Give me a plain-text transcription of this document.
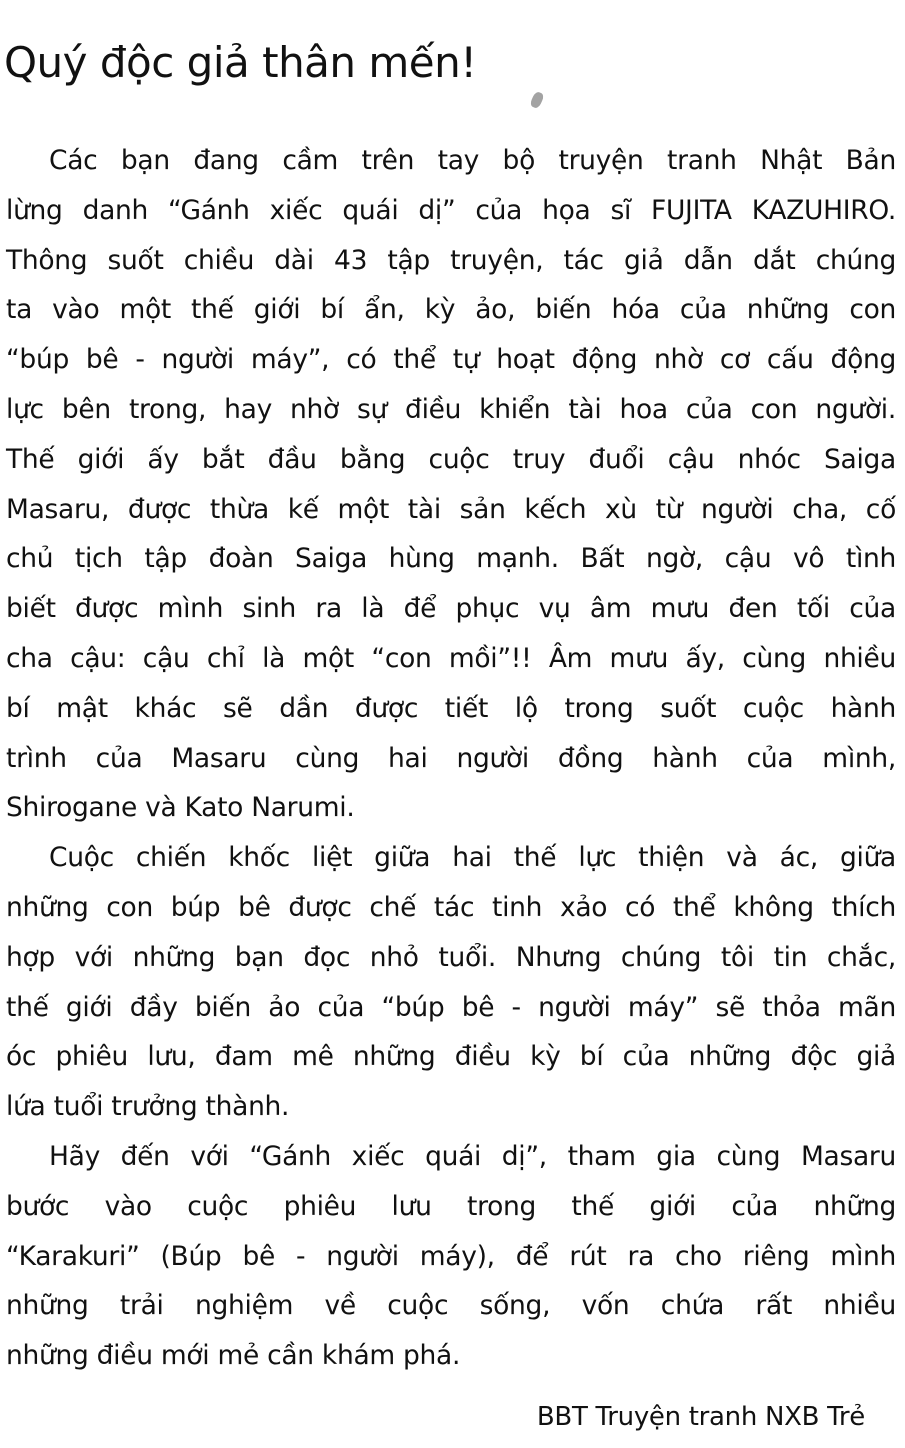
Quý độc giả thân mến!
Các bạn đang cầm trên tay bộ truyện tranh Nhật Bản
lừng danh “Gánh xiếc quái dị” của họa sĩ FUJITA KAZUHIRO.
Thông suốt chiều dài 43 tập truyện, tác giả dẫn dắt chúng
ta vào một thế giới bí ẩn, kỳ ảo, biến hóa của những con
“búp bê - người máy”, có thể tự hoạt động nhờ cơ cấu động
lực bên trong, hay nhờ sự điều khiển tài hoa của con người.
Thế giới ấy bắt đầu bằng cuộc truy đuổi cậu nhóc Saiga
Masaru, được thừa kế một tài sản kếch xù từ người cha, cố
chủ tịch tập đoàn Saiga hùng mạnh. Bất ngờ, cậu vô tình
biết được mình sinh ra là để phục vụ âm mưu đen tối của
cha cậu: cậu chỉ là một “con mồi”!! Âm mưu ấy, cùng nhiều
bí mật khác sẽ dần được tiết lộ trong suốt cuộc hành
trình của Masaru cùng hai người đồng hành của mình,
Shirogane và Kato Narumi.
Cuộc chiến khốc liệt giữa hai thế lực thiện và ác, giữa
những con búp bê được chế tác tinh xảo có thể không thích
hợp với những bạn đọc nhỏ tuổi. Nhưng chúng tôi tin chắc,
thế giới đầy biến ảo của “búp bê - người máy” sẽ thỏa mãn
óc phiêu lưu, đam mê những điều kỳ bí của những độc giả
lứa tuổi trưởng thành.
Hãy đến với “Gánh xiếc quái dị”, tham gia cùng Masaru
bước vào cuộc phiêu lưu trong thế giới của những
“Karakuri” (Búp bê - người máy), để rút ra cho riêng mình
những trải nghiệm về cuộc sống, vốn chứa rất nhiều
những điều mới mẻ cần khám phá.
BBT Truyện tranh NXB Trẻ
